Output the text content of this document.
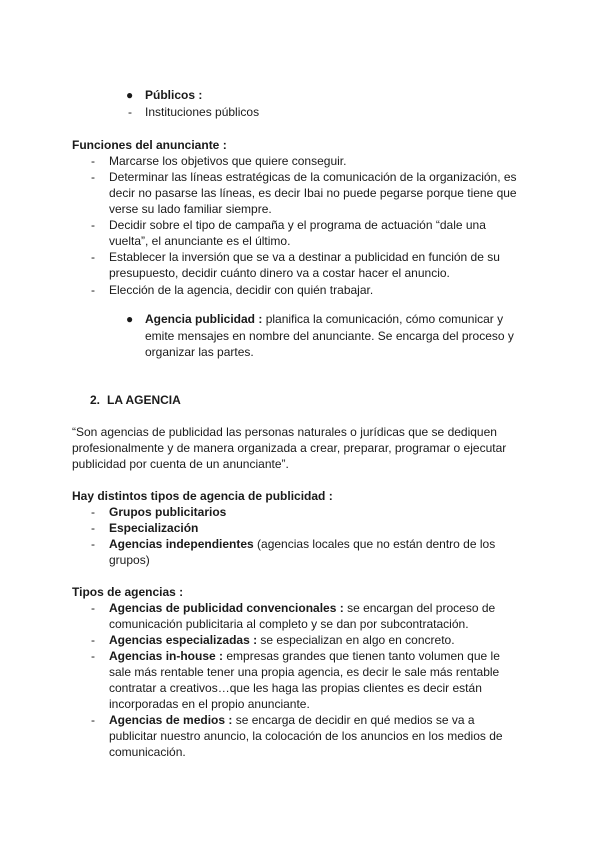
● Públicos :
-	Instituciones públicos
Funciones del anunciante :
-	Marcarse los objetivos que quiere conseguir.
-	Determinar las líneas estratégicas de la comunicación de la organización, es
decir no pasarse las líneas, es decir Ibai no puede pegarse porque tiene que
verse su lado familiar siempre.
-	Decidir sobre el tipo de campaña y el programa de actuación “dale una
vuelta”, el anunciante es el último.
-	Establecer la inversión que se va a destinar a publicidad en función de su
presupuesto, decidir cuánto dinero va a costar hacer el anuncio.
-	Elección de la agencia, decidir con quién trabajar.
● Agencia publicidad : planifica la comunicación, cómo comunicar y
emite mensajes en nombre del anunciante. Se encarga del proceso y
organizar las partes.
2. LA AGENCIA
“Son agencias de publicidad las personas naturales o jurídicas que se dediquen
profesionalmente y de manera organizada a crear, preparar, programar o ejecutar
publicidad por cuenta de un anunciante”.
Hay distintos tipos de agencia de publicidad :
-	Grupos publicitarios
-	Especialización
-	Agencias independientes (agencias locales que no están dentro de los
grupos)
Tipos de agencias :
-	Agencias de publicidad convencionales : se encargan del proceso de
comunicación publicitaria al completo y se dan por subcontratación.
-	Agencias especializadas : se especializan en algo en concreto.
-	Agencias in-house : empresas grandes que tienen tanto volumen que le
sale más rentable tener una propia agencia, es decir le sale más rentable
contratar a creativos…que les haga las propias clientes es decir están
incorporadas en el propio anunciante.
-	Agencias de medios : se encarga de decidir en qué medios se va a
publicitar nuestro anuncio, la colocación de los anuncios en los medios de
comunicación.
